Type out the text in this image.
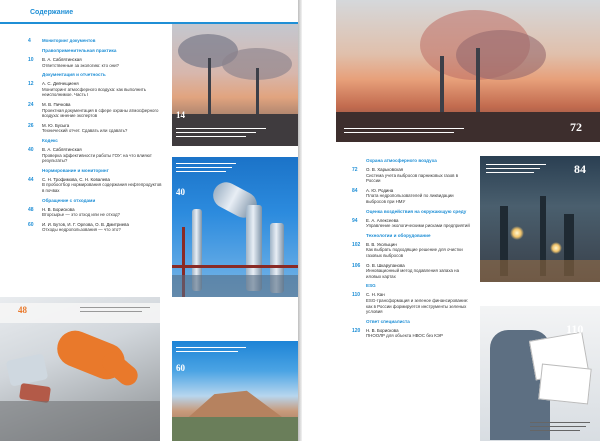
Содержание
4	Мониторинг документов
Правоприменительная практика
10	В. А. Саблятинская
Ответственные за экологию: кто они?
Документация и отчетность
12	А. С. Девчещиеня
Мониторинг атмосферного воздуха: как выполнить неисполнимое. Часть I
24	М. В. Пичкова
Проектная документация в сфере охраны атмосферного воздуха: мнение экспертов
26	М. Ю. Бусыга
Технический отчет. Сдавать или сдавать?
Кодекс
40	В. А. Саблятинская
Проверка эффективности работы ГОУ: на что влияют результаты?
Нормирование и мониторинг
44	С. Н. Трофимова, С. Н. Ковалева
В пробоотбор нормирования содержания нефтепродуктов в почвах
Обращение с отходами
48	Н. В. Борискова
Вторсырье — это отход или не отход?
60	И. И. Бутов, И. Г. Орлова, О. В. Дмитриева
Отходы недропользования — что это?
14
40
48
60
72
Охрана атмосферного воздуха
72	О. В. Харьковская
Система учета выбросов парниковых газов в России
84	А. Ю. Родина
Плата недропользователей по ликвидации выбросов при НМУ
Оценка воздействия на окружающую среду
94	Е. А. Алексеева
Управление экологическими рисками предприятий
Технологии и оборудование
102	В. В. Уколыцин
Как выбрать подходящие решение для очистки газовых выбросов
106	О. В. Шкарупанова
Инновационный метод подавления запаха на иловых картах
ESG
110	С. Н. Кан
ESG-трансформация и зеленое финансирование: как в России формируется инструменты зеленых условия
Ответ специалиста
120	Н. В. Борискова
ПНООЛР для объекта НВОС без КЭР
84
110
